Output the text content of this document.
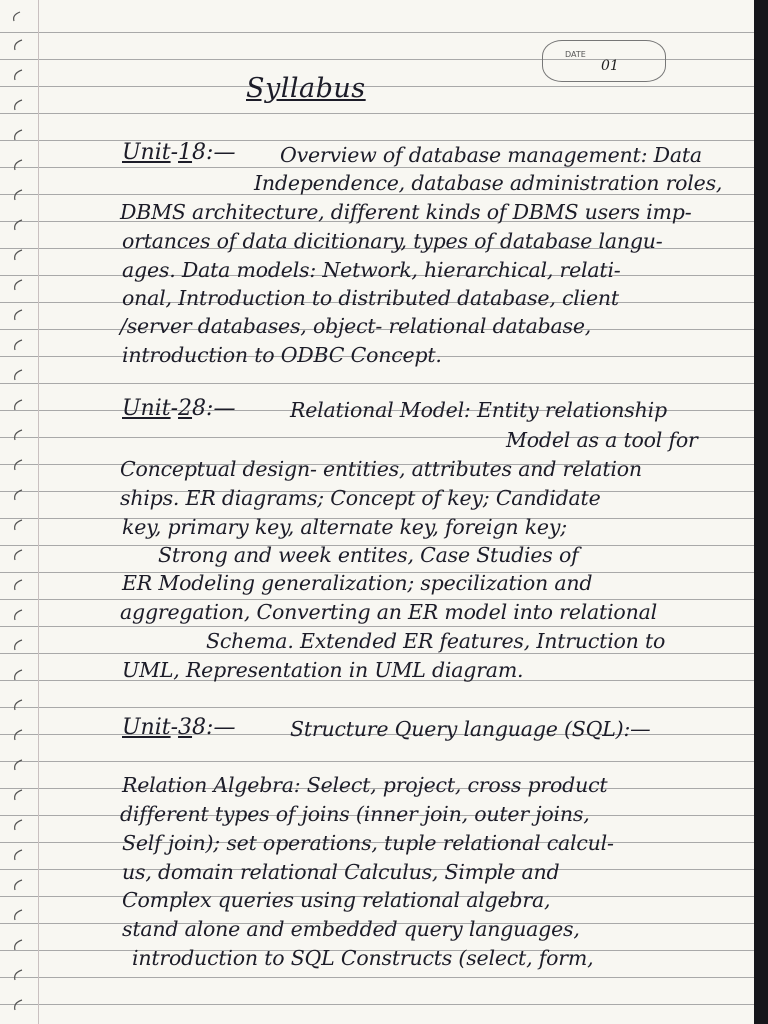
DATE
01
Syllabus
Unit-18:— Overview of database management: Data
Independence, database administration roles,
DBMS architecture, different kinds of DBMS users imp-
ortances of data dicitionary, types of database langu-
ages. Data models: Network, hierarchical, relati-
onal, Introduction to distributed database, client
/server databases, object- relational database,
introduction to ODBC Concept.
Unit-28:—	Relational Model: Entity relationship
Model as a tool for
Conceptual design- entities, attributes and relation
ships. ER diagrams; Concept of key; Candidate
key, primary key, alternate key, foreign key;
Strong and week entites, Case Studies of
ER Modeling generalization; specilization and
aggregation, Converting an ER model into relational
Schema. Extended ER features, Intruction to
UML, Representation in UML diagram.
Unit-38:—	Structure Query language (SQL):—
Relation Algebra: Select, project, cross product
different types of joins (inner join, outer joins,
Self join); set operations, tuple relational calcul-
us, domain relational Calculus, Simple and
Complex queries using relational algebra,
stand alone and embedded query languages,
introduction to SQL Constructs (select, form,
